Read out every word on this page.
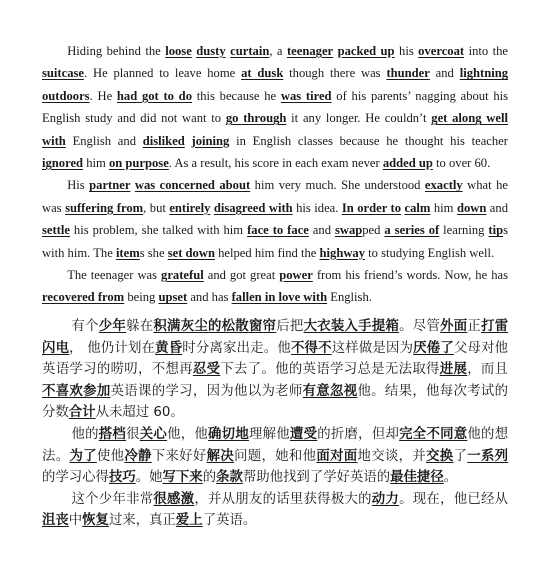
Hiding behind the loose dusty curtain, a teenager packed up his overcoat into the suitcase. He planned to leave home at dusk though there was thunder and lightning outdoors. He had got to do this because he was tired of his parents’ nagging about his English study and did not want to go through it any longer. He couldn’t get along well with English and disliked joining in English classes because he thought his teacher ignored him on purpose. As a result, his score in each exam never added up to over 60.

His partner was concerned about him very much. She understood exactly what he was suffering from, but entirely disagreed with his idea. In order to calm him down and settle his problem, she talked with him face to face and swapped a series of learning tips with him. The items she set down helped him find the highway to studying English well.

The teenager was grateful and got great power from his friend’s words. Now, he has recovered from being upset and has fallen in love with English.

有个少年躲在积满灰尘的松散窗帘后把大衣装入手提箱。尽管外面正打雷闪电， 他仍计划在黄昏时分离家出走。他不得不这样做是因为厌倦了父母对他英语学习的唠叨，不想再忍受下去了。他的英语学习总是无法取得进展，而且不喜欢参加英语课的学习，因为他以为老师有意忽视他。结果，他每次考试的分数合计从未超过 60。

他的搭档很关心他，他确切地理解他遭受的折磨，但却完全不同意他的想法。为了使他冷静下来好好解决问题，她和他面对面地交谈，并交换了一系列的学习心得技巧。她写下来的条款帮助他找到了学好英语的最佳捷径。

这个少年非常很感激，并从朋友的话里获得极大的动力。现在，他已经从沮丧中恢复过来，真正爱上了英语。
